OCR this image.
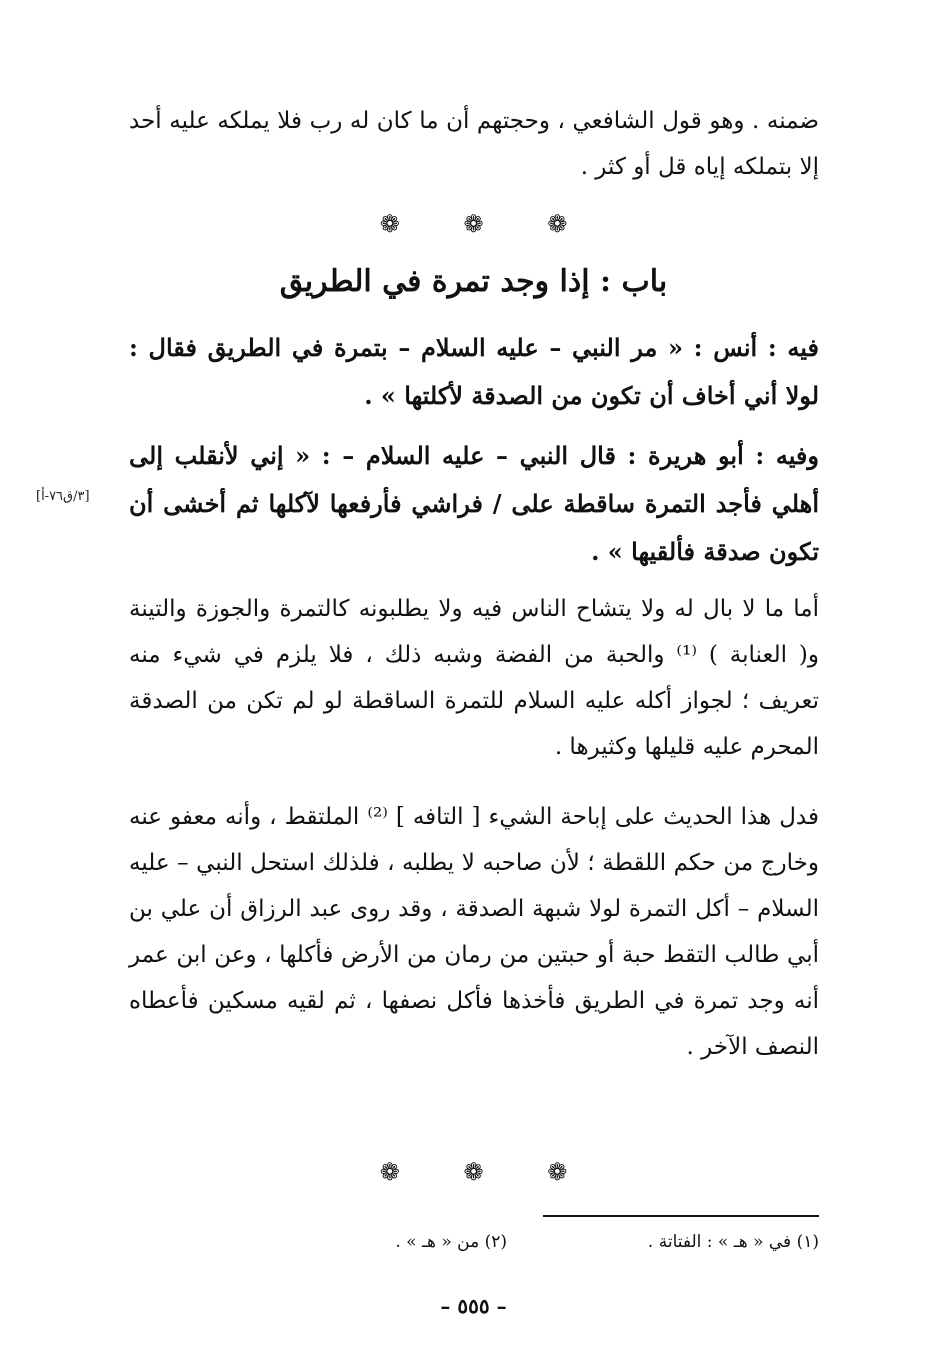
ضمنه . وهو قول الشافعي ، وحجتهم أن ما كان له رب فلا يملكه عليه أحد إلا بتملكه إياه قل أو كثر .

❁	❁	❁
باب : إذا وجد تمرة في الطريق

فيه : أنس : « مر النبي – عليه السلام – بتمرة في الطريق فقال : لولا أني أخاف أن تكون من الصدقة لأكلتها » .

وفيه : أبو هريرة : قال النبي – عليه السلام – : « إني لأنقلب إلى أهلي فأجد التمرة ساقطة على / فراشي فأرفعها لآكلها ثم أخشى أن تكون صدقة فألقيها » .

[٣/ق٧٦-أ]

أما ما لا بال له ولا يتشاح الناس فيه ولا يطلبونه كالتمرة والجوزة والتينة و( العنابة ) ⁽¹⁾ والحبة من الفضة وشبه ذلك ، فلا يلزم في شيء منه تعريف ؛ لجواز أكله عليه السلام للتمرة الساقطة لو لم تكن من الصدقة المحرم عليه قليلها وكثيرها .

فدل هذا الحديث على إباحة الشيء [ التافه ] ⁽²⁾ الملتقط ، وأنه معفو عنه وخارج من حكم اللقطة ؛ لأن صاحبه لا يطلبه ، فلذلك استحل النبي – عليه السلام – أكل التمرة لولا شبهة الصدقة ، وقد روى عبد الرزاق أن علي بن أبي طالب التقط حبة أو حبتين من رمان من الأرض فأكلها ، وعن ابن عمر أنه وجد تمرة في الطريق فأخذها فأكل نصفها ، ثم لقيه مسكين فأعطاه النصف الآخر .

❁	❁	❁

(١) في « هـ » : الفتاتة .

(٢) من « هـ » .

– ٥٥٥ –
